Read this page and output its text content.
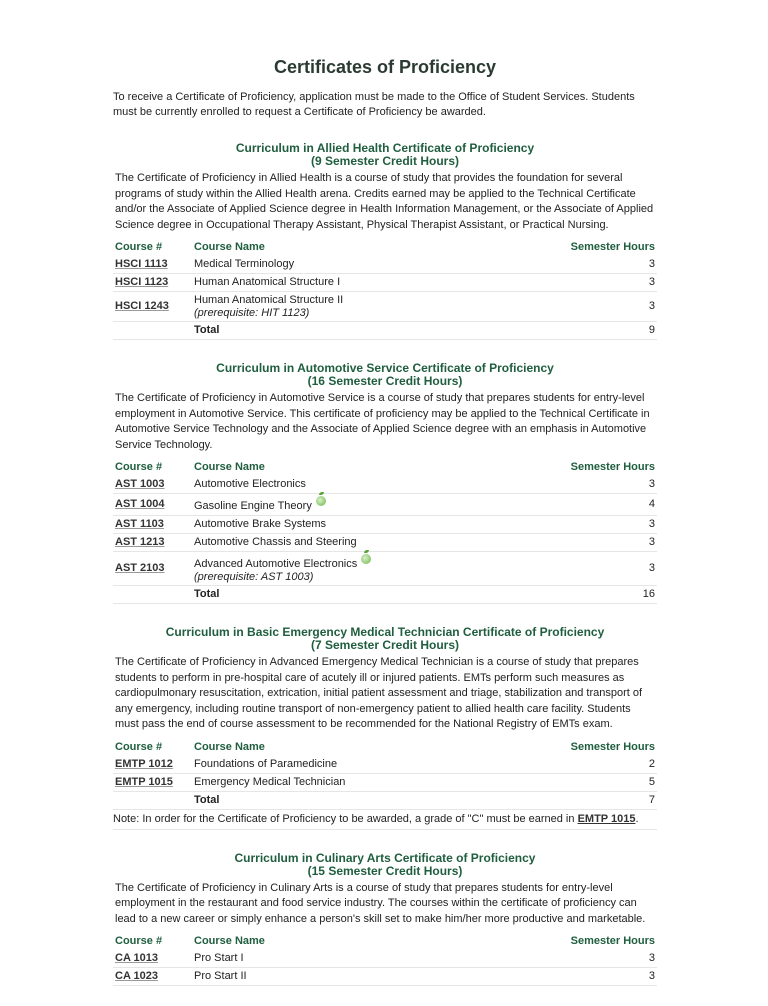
Certificates of Proficiency

To receive a Certificate of Proficiency, application must be made to the Office of Student Services. Students must be currently enrolled to request a Certificate of Proficiency be awarded.

Curriculum in Allied Health Certificate of Proficiency
(9 Semester Credit Hours)

The Certificate of Proficiency in Allied Health is a course of study that provides the foundation for several programs of study within the Allied Health arena. Credits earned may be applied to the Technical Certificate and/or the Associate of Applied Science degree in Health Information Management, or the Associate of Applied Science degree in Occupational Therapy Assistant, Physical Therapist Assistant, or Practical Nursing.

Course #	Course Name	Semester Hours
HSCI 1113	Medical Terminology	3
HSCI 1123	Human Anatomical Structure I	3
HSCI 1243	Human Anatomical Structure II
(prerequisite: HIT 1123)	3
	Total	9
Curriculum in Automotive Service Certificate of Proficiency
(16 Semester Credit Hours)

The Certificate of Proficiency in Automotive Service is a course of study that prepares students for entry-level employment in Automotive Service. This certificate of proficiency may be applied to the Technical Certificate in Automotive Service Technology and the Associate of Applied Science degree with an emphasis in Automotive Service Technology.

Course #	Course Name	Semester Hours
AST 1003	Automotive Electronics	3
AST 1004	Gasoline Engine Theory	4
AST 1103	Automotive Brake Systems	3
AST 1213	Automotive Chassis and Steering	3
AST 2103	Advanced Automotive Electronics
(prerequisite: AST 1003)	3
	Total	16
Curriculum in Basic Emergency Medical Technician Certificate of Proficiency
(7 Semester Credit Hours)

The Certificate of Proficiency in Advanced Emergency Medical Technician is a course of study that prepares students to perform in pre-hospital care of acutely ill or injured patients. EMTs perform such measures as cardiopulmonary resuscitation, extrication, initial patient assessment and triage, stabilization and transport of any emergency, including routine transport of non-emergency patient to allied health care facility. Students must pass the end of course assessment to be recommended for the National Registry of EMTs exam.

Course #	Course Name	Semester Hours
EMTP 1012	Foundations of Paramedicine	2
EMTP 1015	Emergency Medical Technician	5
	Total	7
Note: In order for the Certificate of Proficiency to be awarded, a grade of "C" must be earned in EMTP 1015.
Curriculum in Culinary Arts Certificate of Proficiency
(15 Semester Credit Hours)

The Certificate of Proficiency in Culinary Arts is a course of study that prepares students for entry-level employment in the restaurant and food service industry. The courses within the certificate of proficiency can lead to a new career or simply enhance a person's skill set to make him/her more productive and marketable.

Course #	Course Name	Semester Hours
CA 1013	Pro Start I	3
CA 1023	Pro Start II	3
